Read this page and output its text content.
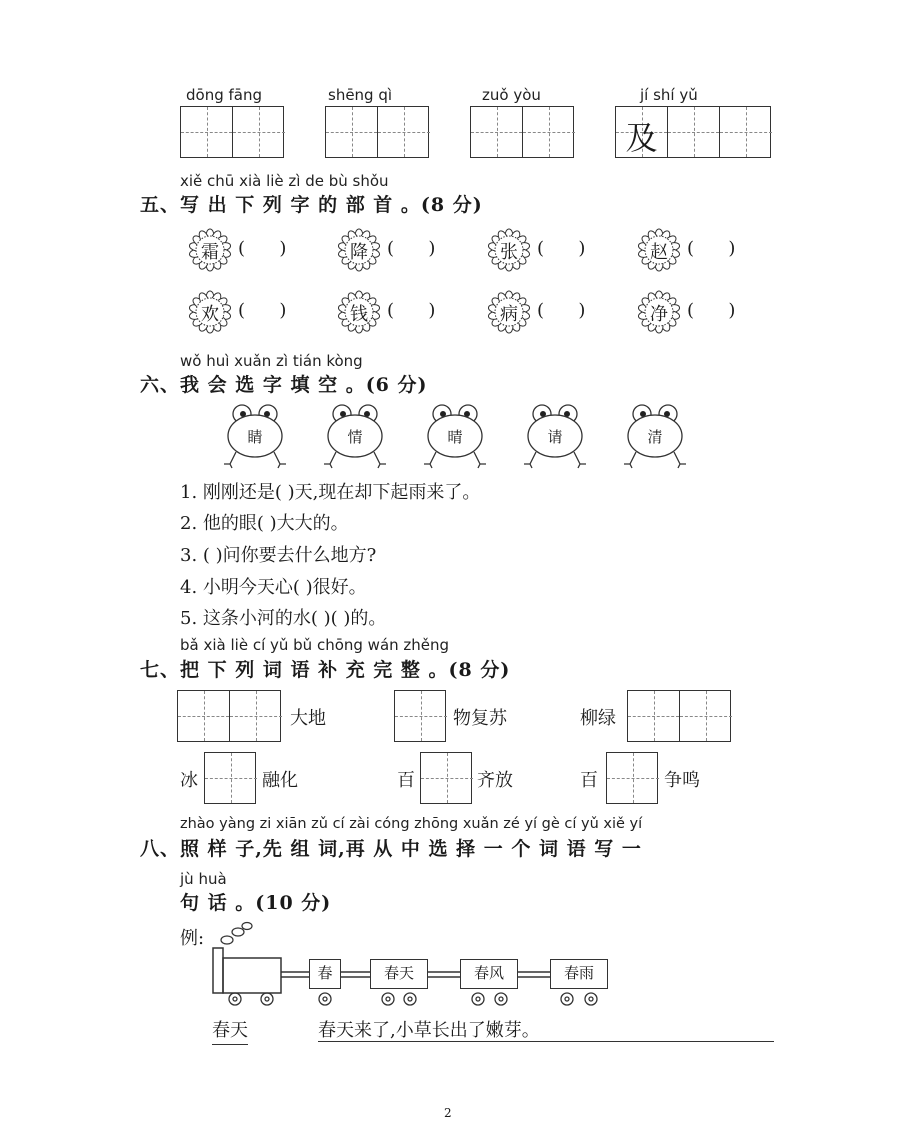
dōng fāng	shēng qì	zuǒ yòu	jí shí yǔ
及
xiě chū xià liè zì de bù shǒu
五、写 出 下 列 字 的 部 首 。(8 分)
霜	(      )	降	(      )	张	(      )	赵	(      )
欢	(      )	钱	(      )	病	(      )	净	(      )
wǒ huì xuǎn zì tián kòng
六、我 会 选 字 填 空 。(6 分)
睛	情	晴	请	清
1. 刚刚还是( )天,现在却下起雨来了。
2. 他的眼( )大大的。
3. ( )问你要去什么地方?
4. 小明今天心( )很好。
5. 这条小河的水( )( )的。
bǎ xià liè cí yǔ bǔ chōng wán zhěng
七、把 下 列 词 语 补 充 完 整 。(8 分)
大地	物复苏	柳绿
冰	融化	百	齐放	百	争鸣
zhào yàng zi xiān zǔ cí zài cóng zhōng xuǎn zé yí gè cí yǔ xiě yí
八、照 样 子,先 组 词,再 从 中 选 择 一 个 词 语 写 一
jù huà
句 话 。(10 分)
例:
春	春天	春风	春雨
春天	春天来了,小草长出了嫩芽。
2
